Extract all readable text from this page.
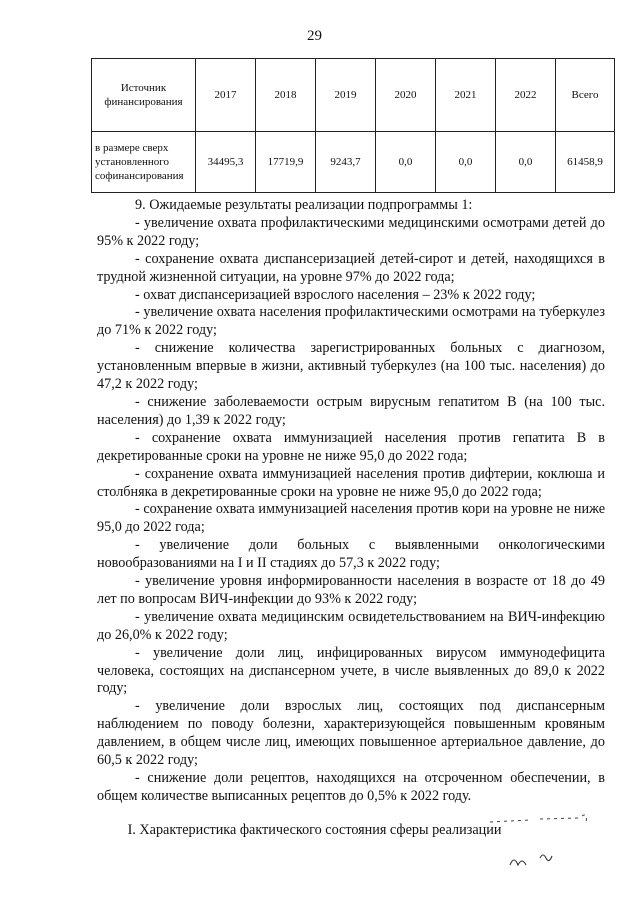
29
Источник финансирования	2017	2018	2019	2020	2021	2022	Всего
в размере сверх установленного софинансирования	34495,3	17719,9	9243,7	0,0	0,0	0,0	61458,9

9. Ожидаемые результаты реализации подпрограммы 1:

- увеличение охвата профилактическими медицинскими осмотрами детей до 95% к 2022 году;

- сохранение охвата диспансеризацией детей-сирот и детей, находящихся в трудной жизненной ситуации, на уровне 97% до 2022 года;

- охват диспансеризацией взрослого населения – 23% к 2022 году;

- увеличение охвата населения профилактическими осмотрами на туберкулез до 71% к 2022 году;

- снижение количества зарегистрированных больных с диагнозом, установленным впервые в жизни, активный туберкулез (на 100 тыс. населения) до 47,2 к 2022 году;

- снижение заболеваемости острым вирусным гепатитом В (на 100 тыс. населения) до 1,39 к 2022 году;

- сохранение охвата иммунизацией населения против гепатита В в декретированные сроки на уровне не ниже 95,0 до 2022 года;

- сохранение охвата иммунизацией населения против дифтерии, коклюша и столбняка в декретированные сроки на уровне не ниже 95,0 до 2022 года;

- сохранение охвата иммунизацией населения против кори на уровне не ниже 95,0 до 2022 года;

- увеличение доли больных с выявленными онкологическими новообразованиями на I и II стадиях до 57,3 к 2022 году;

- увеличение уровня информированности населения в возрасте от 18 до 49 лет по вопросам ВИЧ-инфекции до 93% к 2022 году;

- увеличение охвата медицинским освидетельствованием на ВИЧ-инфекцию до 26,0% к 2022 году;

- увеличение доли лиц, инфицированных вирусом иммунодефицита человека, состоящих на диспансерном учете, в числе выявленных до 89,0 к 2022 году;

- увеличение доли взрослых лиц, состоящих под диспансерным наблюдением по поводу болезни, характеризующейся повышенным кровяным давлением, в общем числе лиц, имеющих повышенное артериальное давление, до 60,5 к 2022 году;

- снижение доли рецептов, находящихся на отсроченном обеспечении, в общем количестве выписанных рецептов до 0,5% к 2022 году.

I. Характеристика фактического состояния сферы реализации
